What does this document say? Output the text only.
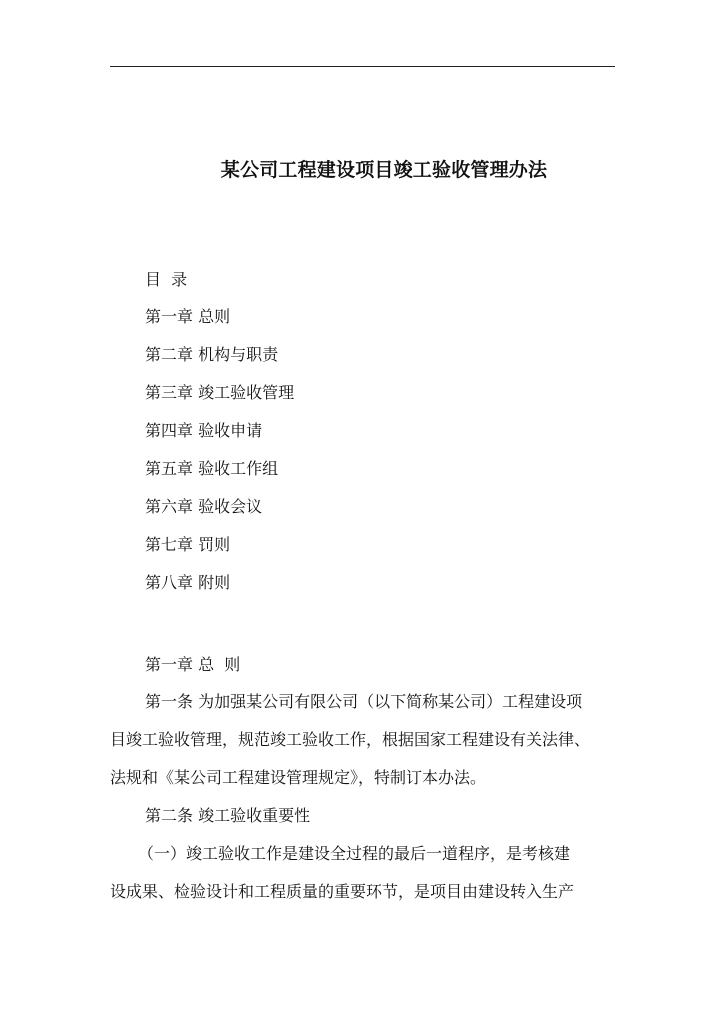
某公司工程建设项目竣工验收管理办法
目  录
第一章 总则
第二章 机构与职责
第三章 竣工验收管理
第四章 验收申请
第五章 验收工作组
第六章 验收会议
第七章 罚则
第八章 附则
第一章 总  则
第一条 为加强某公司有限公司（以下简称某公司）工程建设项
目竣工验收管理，规范竣工验收工作，根据国家工程建设有关法律、
法规和《某公司工程建设管理规定》，特制订本办法。
第二条 竣工验收重要性
（一）竣工验收工作是建设全过程的最后一道程序，是考核建
设成果、检验设计和工程质量的重要环节，是项目由建设转入生产
